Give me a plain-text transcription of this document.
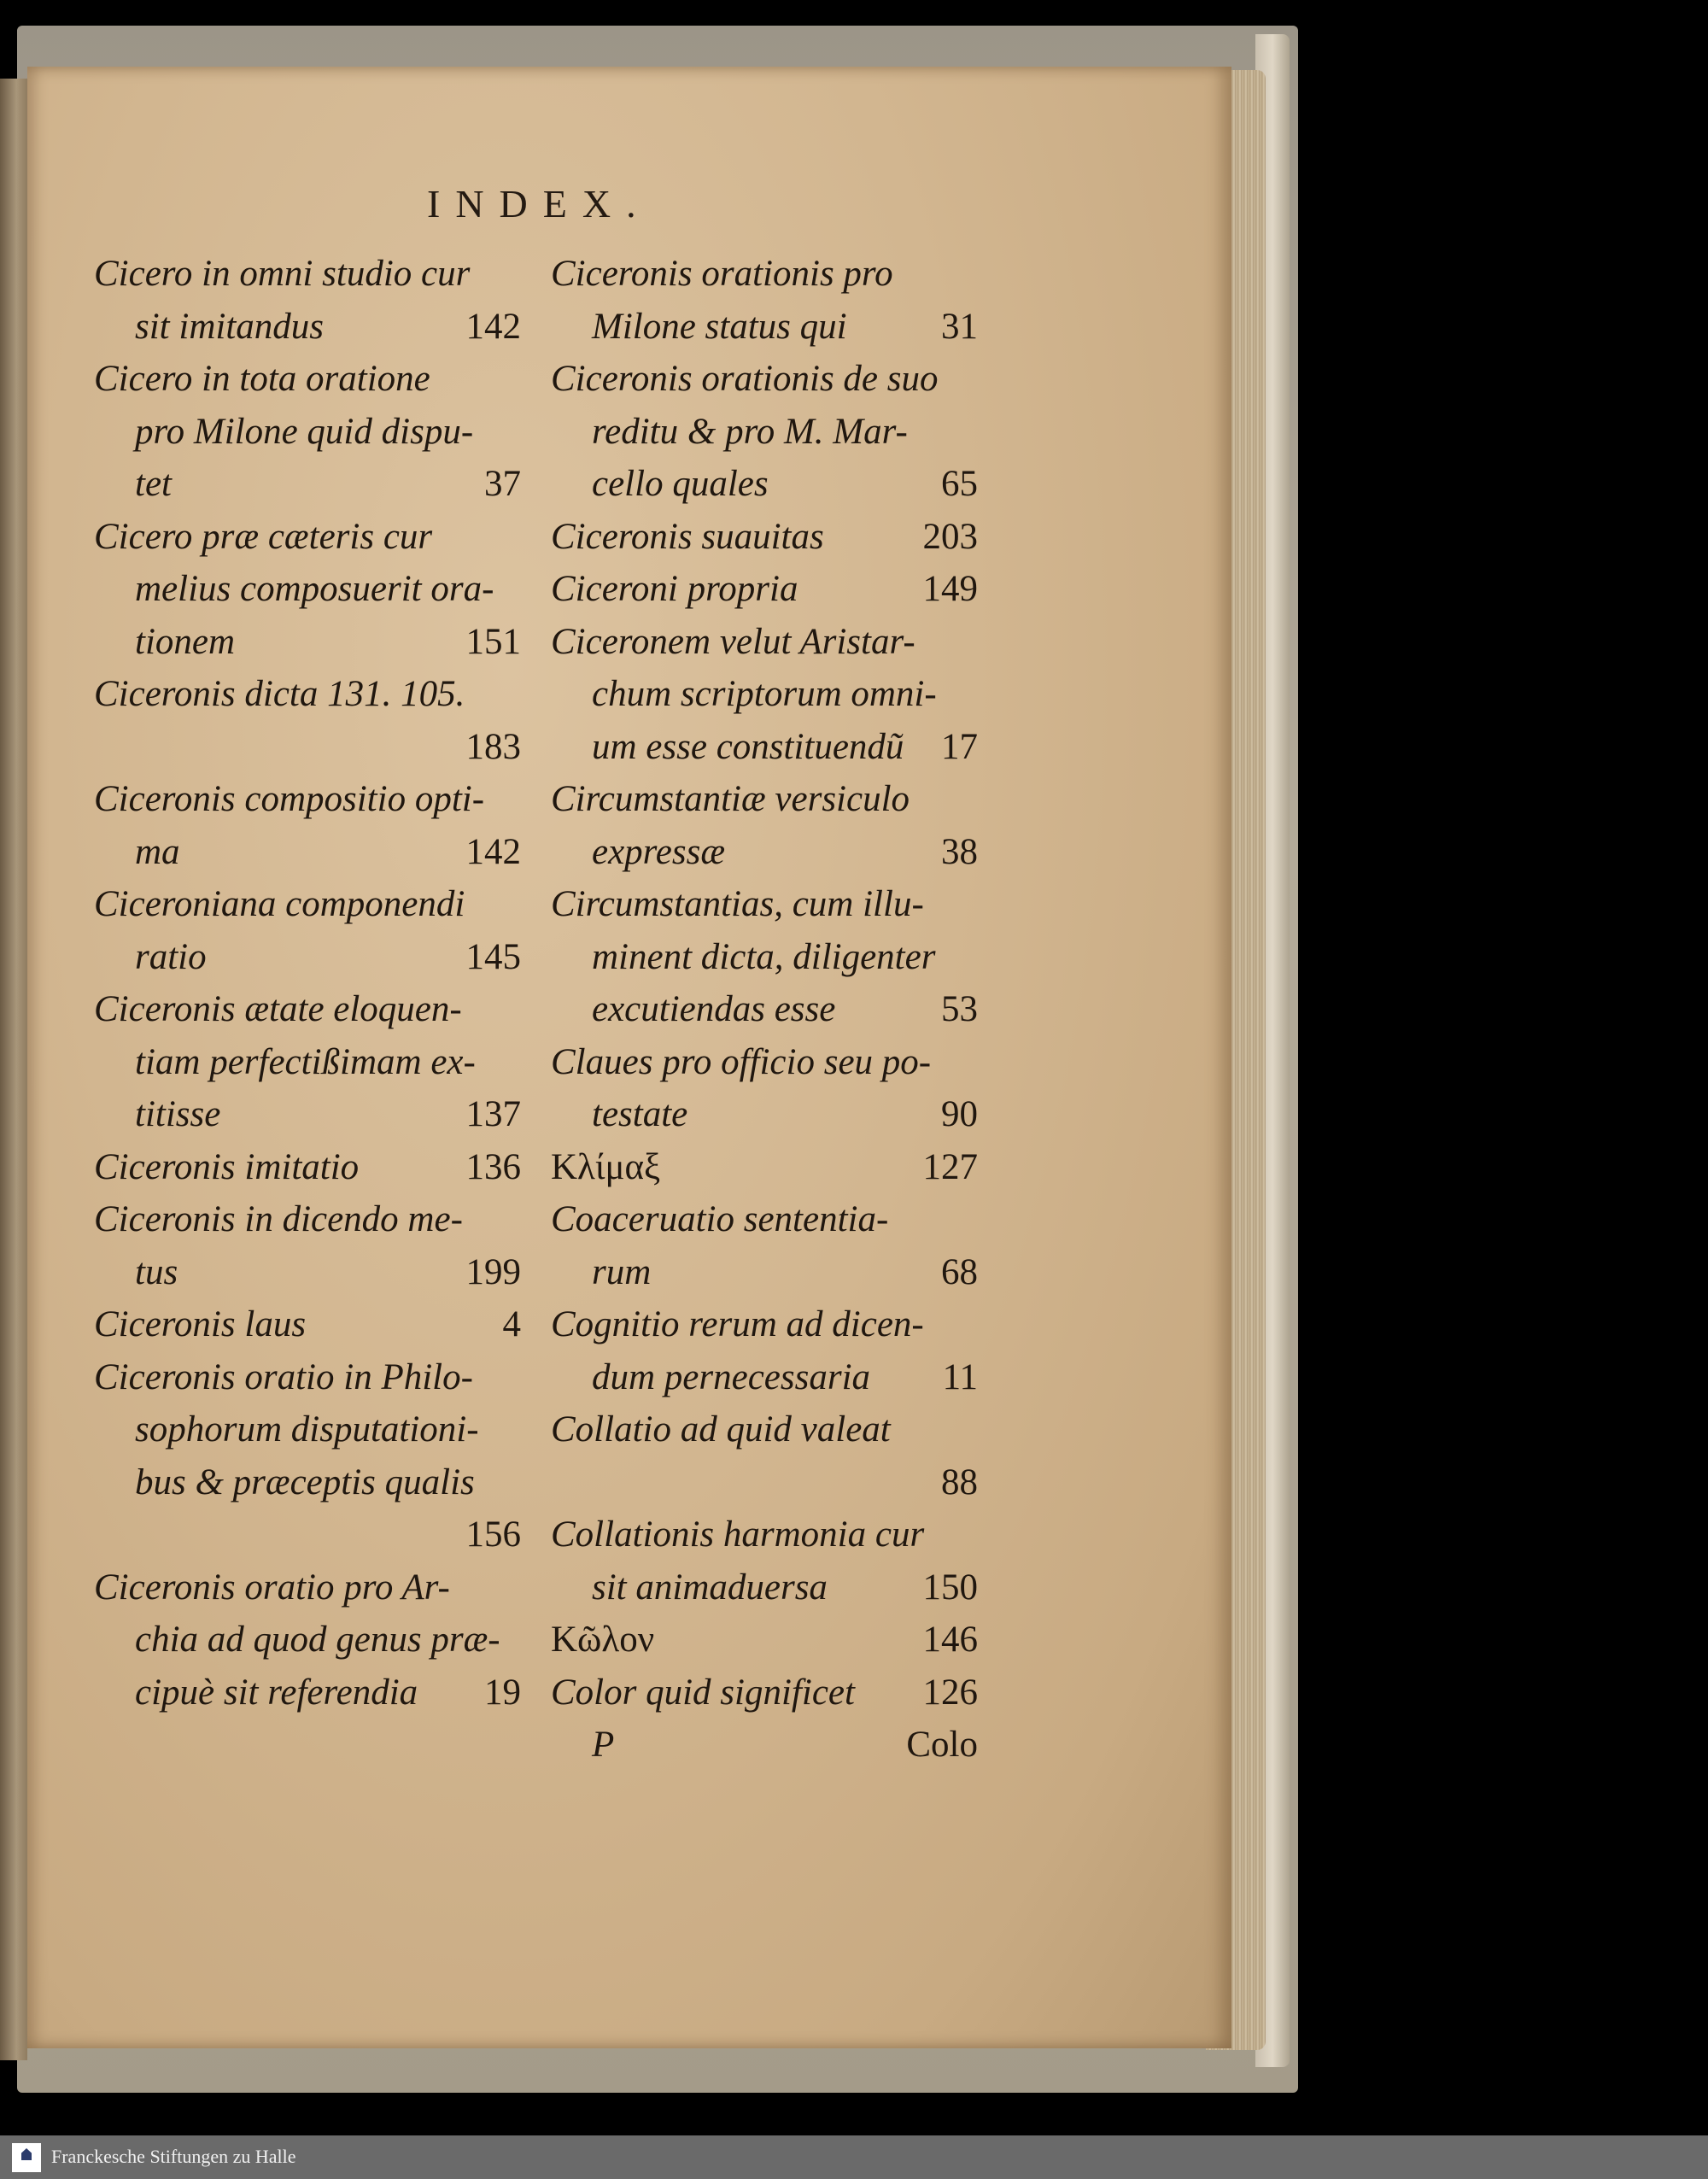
INDEX.
Cicero in omni studio cur
sit imitandus	142
Cicero in tota oratione
pro Milone quid dispu-
tet	37
Cicero præ cæteris cur
melius composuerit ora-
tionem	151
Ciceronis dicta 131. 105.
183
Ciceronis compositio opti-
ma	142
Ciceroniana componendi
ratio	145
Ciceronis ætate eloquen-
tiam perfectißimam ex-
titisse	137
Ciceronis imitatio	136
Ciceronis in dicendo me-
tus	199
Ciceronis laus	4
Ciceronis oratio in Philo-
sophorum disputationi-
bus & præceptis qualis
156
Ciceronis oratio pro Ar-
chia ad quod genus præ-
cipuè sit referendia 19
Ciceronis orationis pro
Milone status qui	31
Ciceronis orationis de suo
reditu & pro M. Mar-
cello quales	65
Ciceronis suauitas	203
Ciceroni propria	149
Ciceronem velut Aristar-
chum scriptorum omni-
um esse constituendũ 17
Circumstantiæ versiculo
expressæ	38
Circumstantias, cum illu-
minent dicta, diligenter
excutiendas esse	53
Claues pro officio seu po-
testate	90
Κλίμαξ	127
Coaceruatio sententia-
rum	68
Cognitio rerum ad dicen-
dum pernecessaria 11
Collatio ad quid valeat
88
Collationis harmonia cur
sit animaduersa	150
Κῶλον	146
Color quid significet 126
P	Colo
Franckesche Stiftungen zu Halle
